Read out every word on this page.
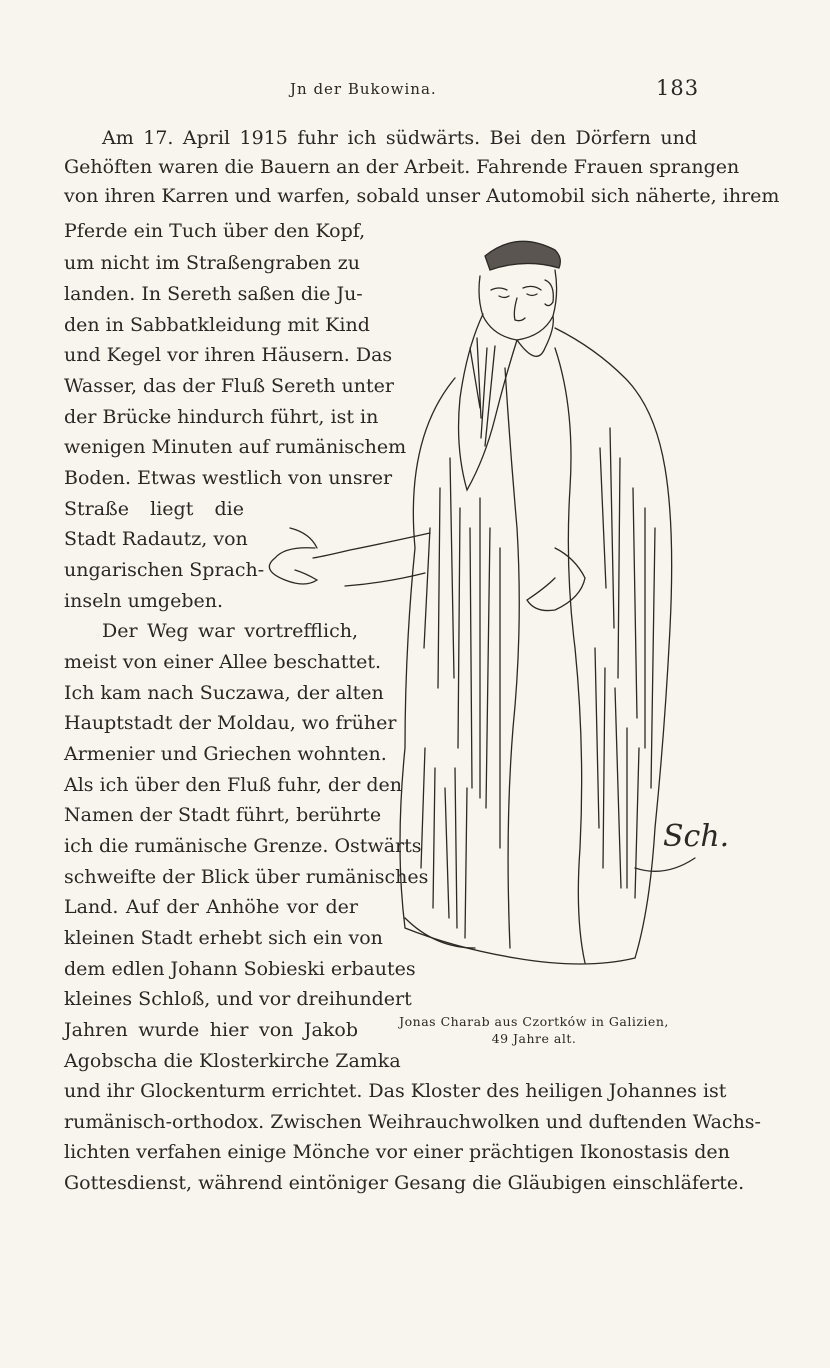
Jn der Bukowina.	183
Am 17. April 1915 fuhr ich südwärts. Bei den Dörfern und
Gehöften waren die Bauern an der Arbeit. Fahrende Frauen sprangen
von ihren Karren und warfen, sobald unser Automobil sich näherte, ihrem
Pferde ein Tuch über den Kopf,
um nicht im Straßengraben zu
landen. In Sereth saßen die Ju-
den in Sabbatkleidung mit Kind
und Kegel vor ihren Häusern. Das
Wasser, das der Fluß Sereth unter
der Brücke hindurch führt, ist in
wenigen Minuten auf rumänischem
Boden. Etwas westlich von unsrer
Straße liegt die
Stadt Radautz, von
ungarischen Sprach-
inseln umgeben.
Der Weg war vortrefflich,
meist von einer Allee beschattet.
Ich kam nach Suczawa, der alten
Hauptstadt der Moldau, wo früher
Armenier und Griechen wohnten.
Als ich über den Fluß fuhr, der den
Namen der Stadt führt, berührte
ich die rumänische Grenze. Ostwärts
schweifte der Blick über rumänisches
Land. Auf der Anhöhe vor der
kleinen Stadt erhebt sich ein von
dem edlen Johann Sobieski erbautes
kleines Schloß, und vor dreihundert
Jahren wurde hier von Jakob
Agobscha die Klosterkirche Zamka
und ihr Glockenturm errichtet. Das Kloster des heiligen Johannes ist
rumänisch-orthodox. Zwischen Weihrauchwolken und duftenden Wachs-
lichten verfahen einige Mönche vor einer prächtigen Ikonostasis den
Gottesdienst, während eintöniger Gesang die Gläubigen einschläferte.
Sch.
Jonas Charab aus Czortków in Galizien,
49 Jahre alt.
